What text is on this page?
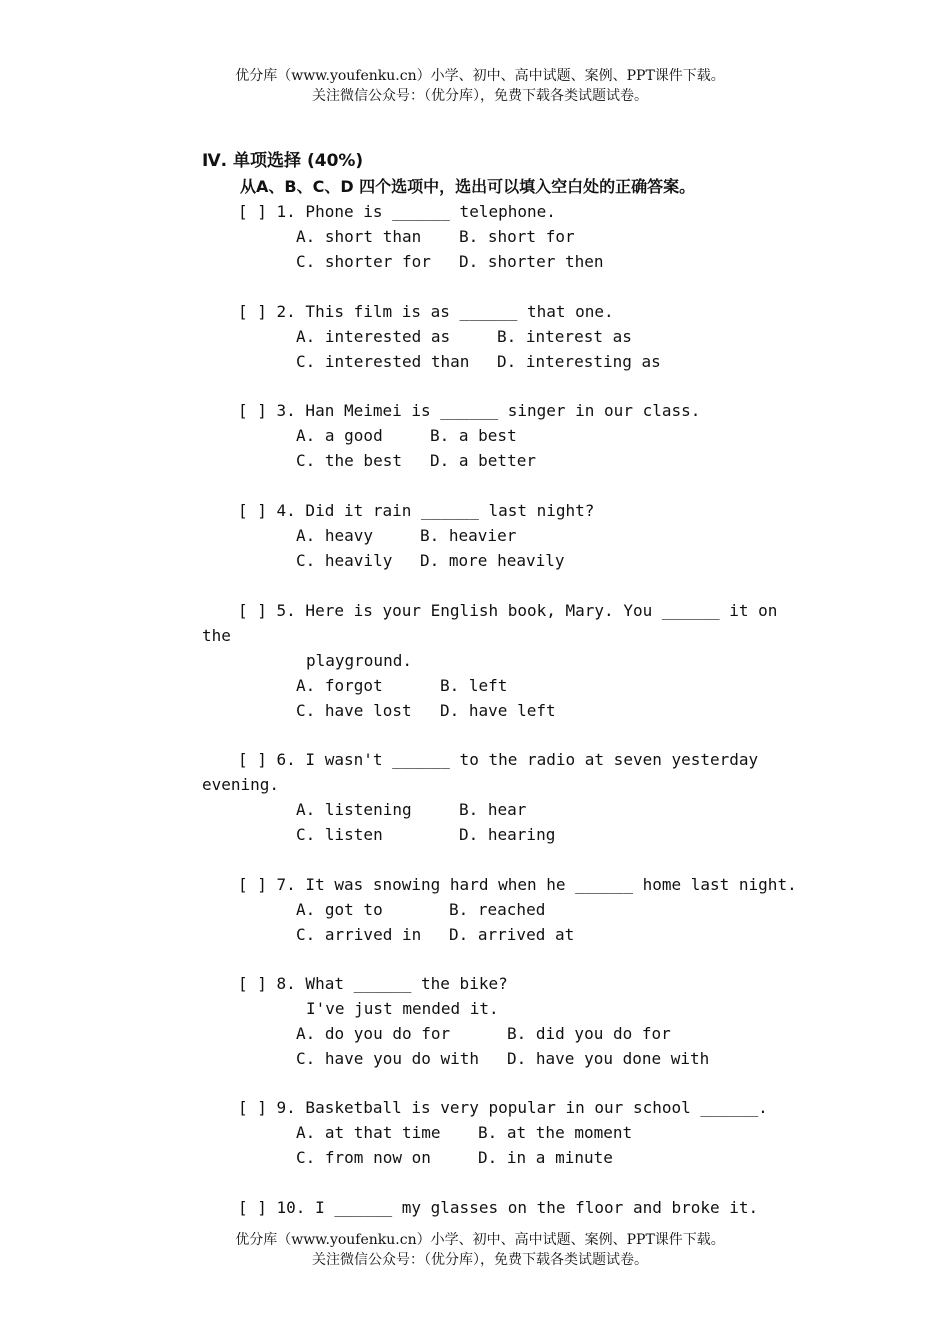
优分库（www.youfenku.cn）小学、初中、高中试题、案例、PPT课件下载。
关注微信公众号：（优分库），免费下载各类试题试卷。
Ⅳ. 单项选择 (40%)
从A、B、C、D 四个选项中，选出可以填入空白处的正确答案。
[ ] 1. Phone is ______ telephone.
A. short than B. short for
C. shorter for D. shorter then
[ ] 2. This film is as ______ that one.
A. interested as	B. interest as
C. interested than D. interesting as
[ ] 3. Han Meimei is ______ singer in our class.
A. a good	B. a best
C. the best D. a better
[ ] 4. Did it rain ______ last night?
A. heavy	B. heavier
C. heavily D. more heavily
[ ] 5. Here is your English book, Mary. You ______ it on
the
playground.
A. forgot	B. left
C. have lost D. have left
[ ] 6. I wasn't ______ to the radio at seven yesterday
evening.
A. listening	B. hear
C. listen	D. hearing
[ ] 7. It was snowing hard when he ______ home last night.
A. got to	B. reached
C. arrived in D. arrived at
[ ] 8. What ______ the bike?
I've just mended it.
A. do you do for	B. did you do for
C. have you do with D. have you done with
[ ] 9. Basketball is very popular in our school ______.
A. at that time B. at the moment
C. from now on	D. in a minute
[ ] 10. I ______ my glasses on the floor and broke it.
优分库（www.youfenku.cn）小学、初中、高中试题、案例、PPT课件下载。
关注微信公众号：（优分库），免费下载各类试题试卷。
